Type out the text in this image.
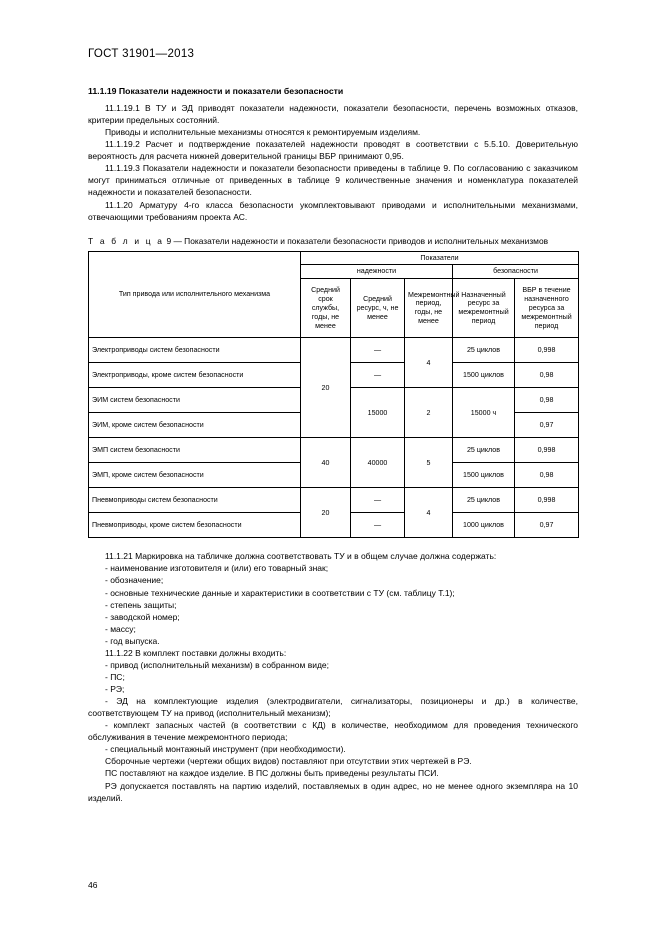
ГОСТ 31901—2013
11.1.19 Показатели надежности и показатели безопасности

11.1.19.1 В ТУ и ЭД приводят показатели надежности, показатели безопасности, перечень возможных отказов, критерии предельных состояний.

Приводы и исполнительные механизмы относятся к ремонтируемым изделиям.

11.1.19.2 Расчет и подтверждение показателей надежности проводят в соответствии с 5.5.10. Доверительную вероятность для расчета нижней доверительной границы ВБР принимают 0,95.

11.1.19.3 Показатели надежности и показатели безопасности приведены в таблице 9. По согласованию с заказчиком могут приниматься отличные от приведенных в таблице 9 количественные значения и номенклатура показателей надежности и показателей безопасности.

11.1.20 Арматуру 4-го класса безопасности укомплектовывают приводами и исполнительными механизмами, отвечающими требованиям проекта АС.

Т а б л и ц а 9 — Показатели надежности и показатели безопасности приводов и исполнительных механизмов
Тип привода или исполнительного механизма	Показатели				
	надежности			безопасности	
	Средний срок службы, годы, не менее	Средний ресурс, ч, не менее	Межремонтный период, годы, не менее	Назначенный ресурс за межремонтный период	ВБР в течение назначенного ресурса за межремонтный период
Электроприводы систем безопасности	20	—	4	25 циклов	0,998
Электроприводы, кроме систем безопасности		—		1500 циклов	0,98
ЭИМ систем безопасности		15000	2	15000 ч	0,98
ЭИМ, кроме систем безопасности					0,97
ЭМП систем безопасности	40	40000	5	25 циклов	0,998
ЭМП, кроме систем безопасности				1500 циклов	0,98
Пневмоприводы систем безопасности	20	—	4	25 циклов	0,998
Пневмоприводы, кроме систем безопасности		—		1000 циклов	0,97
11.1.21 Маркировка на табличке должна соответствовать ТУ и в общем случае должна содержать:
- наименование изготовителя и (или) его товарный знак;
- обозначение;
- основные технические данные и характеристики в соответствии с ТУ (см. таблицу Т.1);
- степень защиты;
- заводской номер;
- массу;
- год выпуска.
11.1.22 В комплект поставки должны входить:
- привод (исполнительный механизм) в собранном виде;
- ПС;
- РЭ;

- ЭД на комплектующие изделия (электродвигатели, сигнализаторы, позиционеры и др.) в количестве, соответствующем ТУ на привод (исполнительный механизм);

- комплект запасных частей (в соответствии с КД) в количестве, необходимом для проведения технического обслуживания в течение межремонтного периода;

- специальный монтажный инструмент (при необходимости).

Сборочные чертежи (чертежи общих видов) поставляют при отсутствии этих чертежей в РЭ.
ПС поставляют на каждое изделие. В ПС должны быть приведены результаты ПСИ.

РЭ допускается поставлять на партию изделий, поставляемых в один адрес, но не менее одного экземпляра на 10 изделий.

46
